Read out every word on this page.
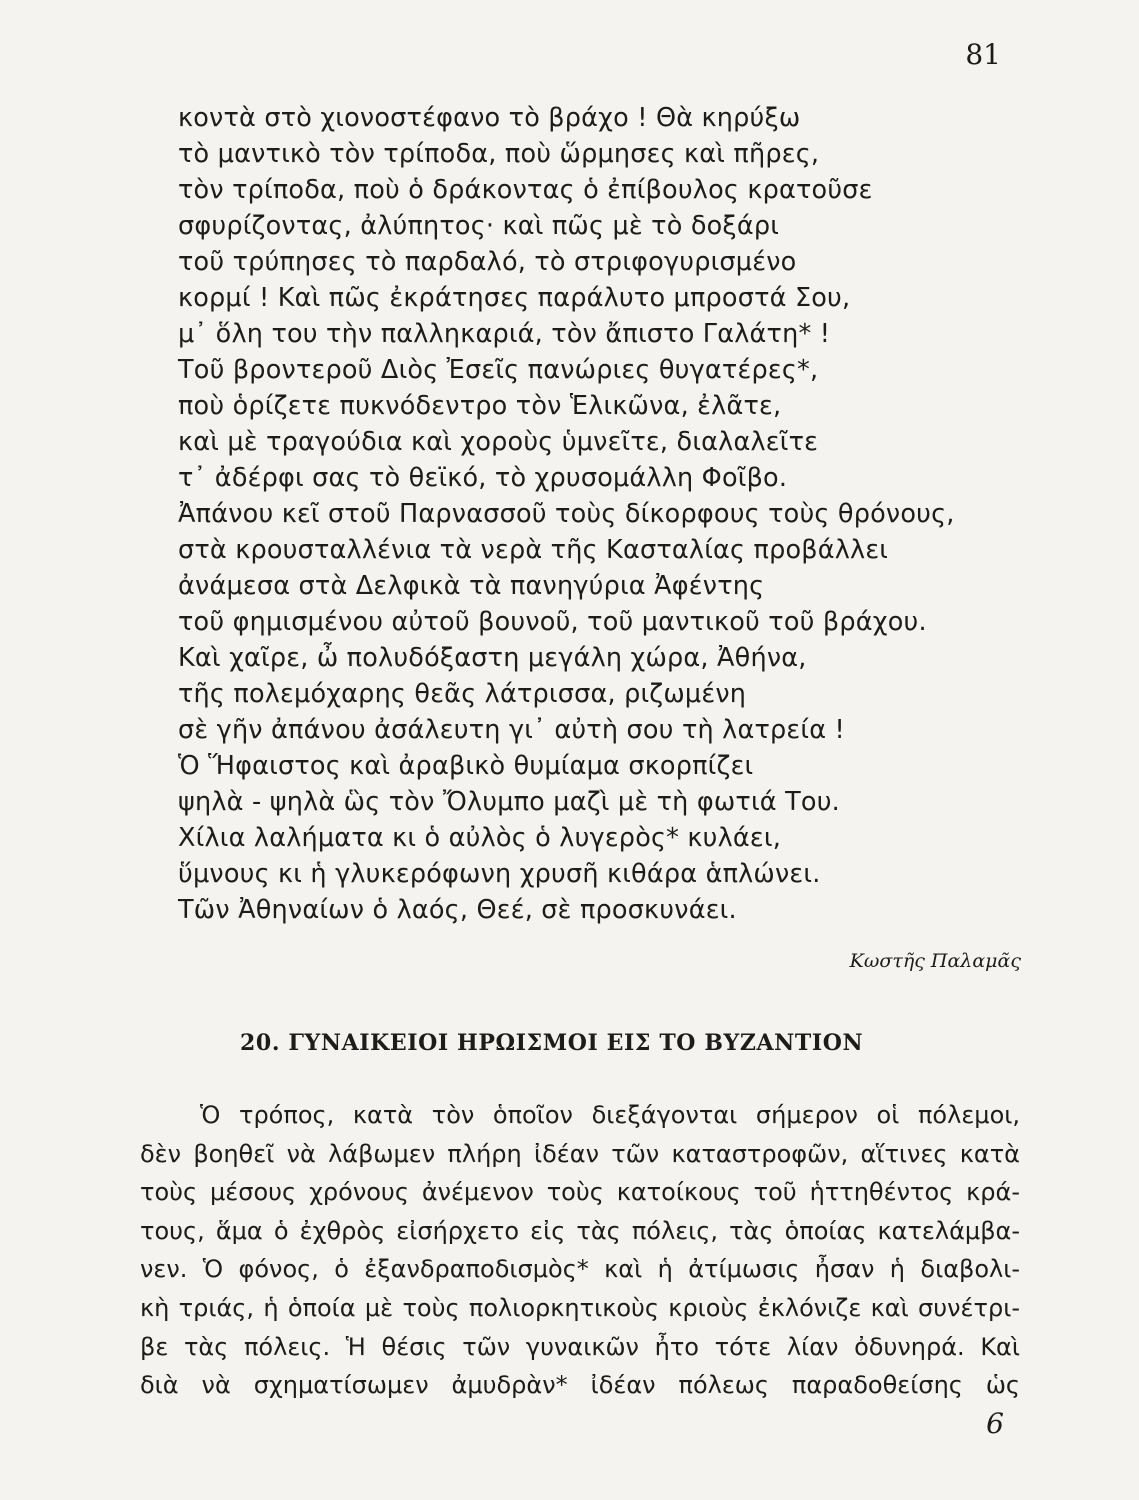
81
κοντὰ στὸ χιονοστέφανο τὸ βράχο ! Θὰ κηρύξω
τὸ μαντικὸ τὸν τρίποδα, ποὺ ὥρμησες καὶ πῆρες,
τὸν τρίποδα, ποὺ ὁ δράκοντας ὁ ἐπίβουλος κρατοῦσε
σφυρίζοντας, ἀλύπητος· καὶ πῶς μὲ τὸ δοξάρι
τοῦ τρύπησες τὸ παρδαλό, τὸ στριφογυρισμένο
κορμί ! Καὶ πῶς ἐκράτησες παράλυτο μπροστά Σου,
μ᾿ ὅλη του τὴν παλληκαριά, τὸν ἄπιστο Γαλάτη* !
Τοῦ βροντεροῦ Διὸς Ἐσεῖς πανώριες θυγατέρες*,
ποὺ ὁρίζετε πυκνόδεντρο τὸν Ἑλικῶνα, ἐλᾶτε,
καὶ μὲ τραγούδια καὶ χοροὺς ὑμνεῖτε, διαλαλεῖτε
τ᾿ ἀδέρφι σας τὸ θεϊκό, τὸ χρυσομάλλη Φοῖβο.
Ἀπάνου κεῖ στοῦ Παρνασσοῦ τοὺς δίκορφους τοὺς θρόνους,
στὰ κρουσταλλένια τὰ νερὰ τῆς Κασταλίας προβάλλει
ἀνάμεσα στὰ Δελφικὰ τὰ πανηγύρια Ἀφέντης
τοῦ φημισμένου αὐτοῦ βουνοῦ, τοῦ μαντικοῦ τοῦ βράχου.
Καὶ χαῖρε, ὦ πολυδόξαστη μεγάλη χώρα, Ἀθήνα,
τῆς πολεμόχαρης θεᾶς λάτρισσα, ριζωμένη
σὲ γῆν ἀπάνου ἀσάλευτη γι᾿ αὐτὴ σου τὴ λατρεία !
Ὁ Ἥφαιστος καὶ ἀραβικὸ θυμίαμα σκορπίζει
ψηλὰ - ψηλὰ ὣς τὸν Ὄλυμπο μαζὶ μὲ τὴ φωτιά Του.
Χίλια λαλήματα κι ὁ αὐλὸς ὁ λυγερὸς* κυλάει,
ὕμνους κι ἡ γλυκερόφωνη χρυσῆ κιθάρα ἁπλώνει.
Τῶν Ἀθηναίων ὁ λαός, Θεέ, σὲ προσκυνάει.
Κωστῆς Παλαμᾶς
20. ΓΥΝΑΙΚΕΙΟΙ ΗΡΩΙΣΜΟΙ ΕΙΣ ΤΟ ΒΥΖΑΝΤΙΟΝ
Ὁ τρόπος, κατὰ τὸν ὁποῖον διεξάγονται σήμερον οἱ πόλεμοι,
δὲν βοηθεῖ νὰ λάβωμεν πλήρη ἰδέαν τῶν καταστροφῶν, αἵτινες κατὰ
τοὺς μέσους χρόνους ἀνέμενον τοὺς κατοίκους τοῦ ἡττηθέντος κρά-
τους, ἅμα ὁ ἐχθρὸς εἰσήρχετο εἰς τὰς πόλεις, τὰς ὁποίας κατελάμβα-
νεν. Ὁ φόνος, ὁ ἐξανδραποδισμὸς* καὶ ἡ ἀτίμωσις ἦσαν ἡ διαβολι-
κὴ τριάς, ἡ ὁποία μὲ τοὺς πολιορκητικοὺς κριοὺς ἐκλόνιζε καὶ συνέτρι-
βε τὰς πόλεις. Ἡ θέσις τῶν γυναικῶν ἦτο τότε λίαν ὀδυνηρά. Καὶ
διὰ νὰ σχηματίσωμεν ἀμυδρὰν* ἰδέαν πόλεως παραδοθείσης ὡς
6
